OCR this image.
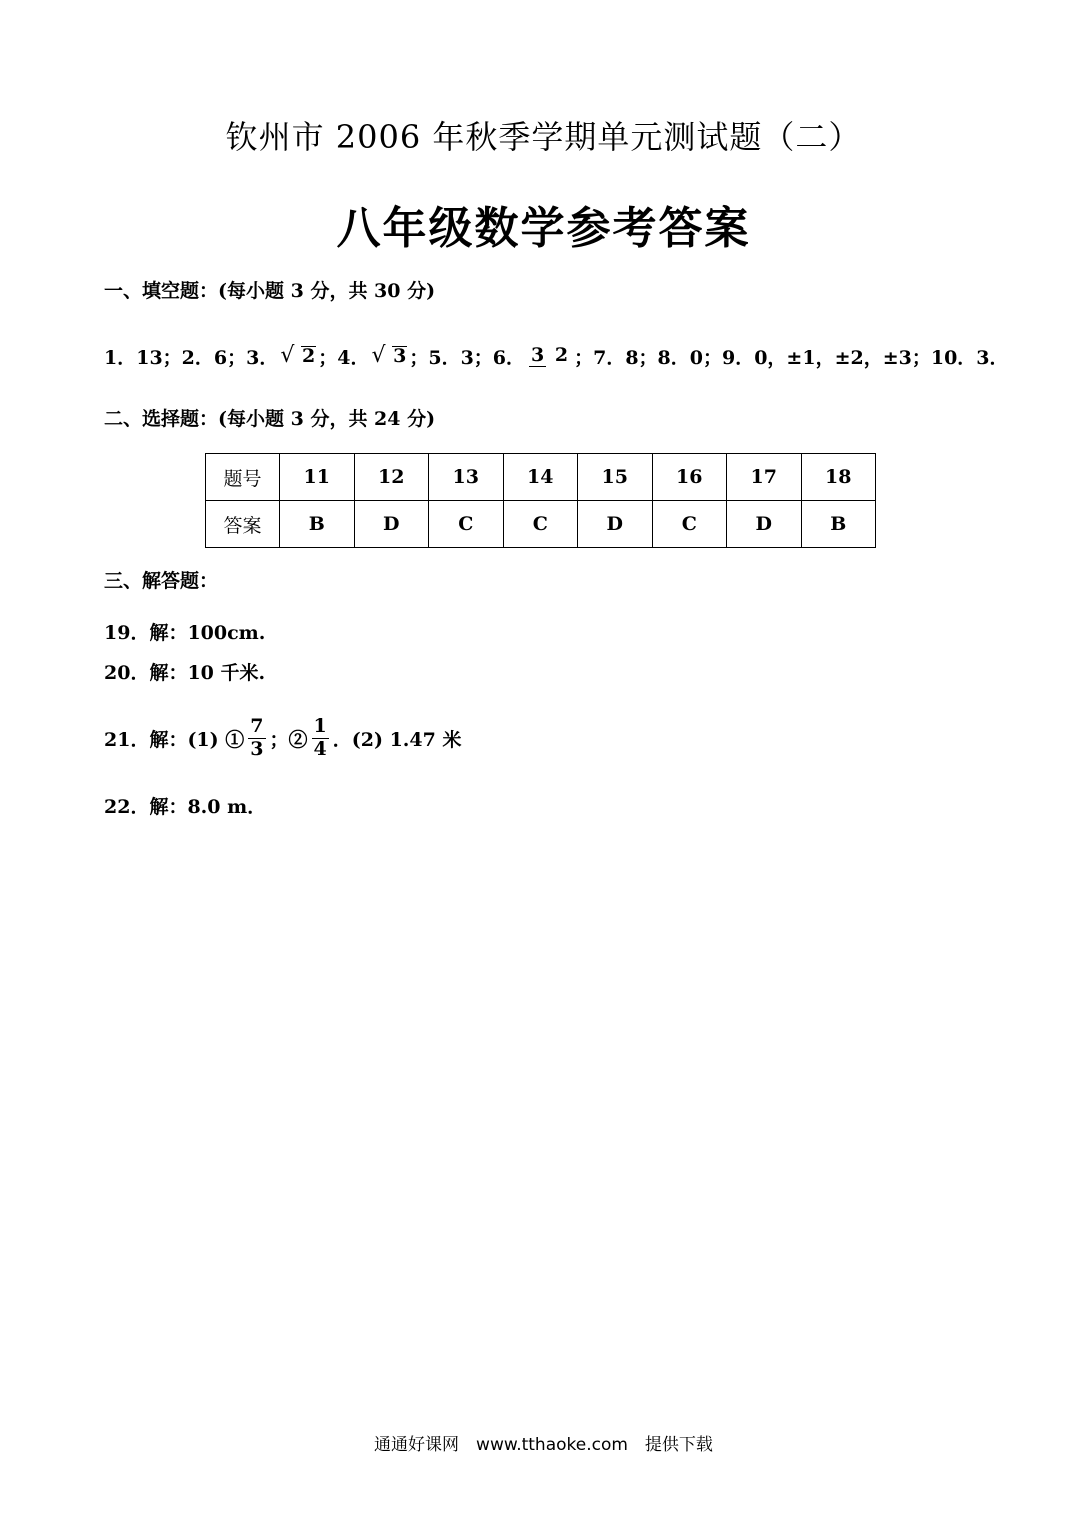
钦州市 2006 年秋季学期单元测试题（二）
八年级数学参考答案
一、填空题：(每小题 3 分，共 30 分)
1．13；2．6；3． √ 2 ；4． √ 3 ；5．3；6． 3 2 ；7．8；8．0；9．0，±1，±2，±3；10．3．
二、选择题：(每小题 3 分，共 24 分)
题号	11	12	13	14	15	16	17	18
答案	B	D	C	C	D	C	D	B
三、解答题：
19．解：100cm.
20．解：10 千米.
21．解：(1) ① $\frac{7}{3}$ ；② $\frac{1}{4}$ ．(2) 1.47 米
22．解：8.0 m．
通通好课网　www.tthaoke.com　提供下载
